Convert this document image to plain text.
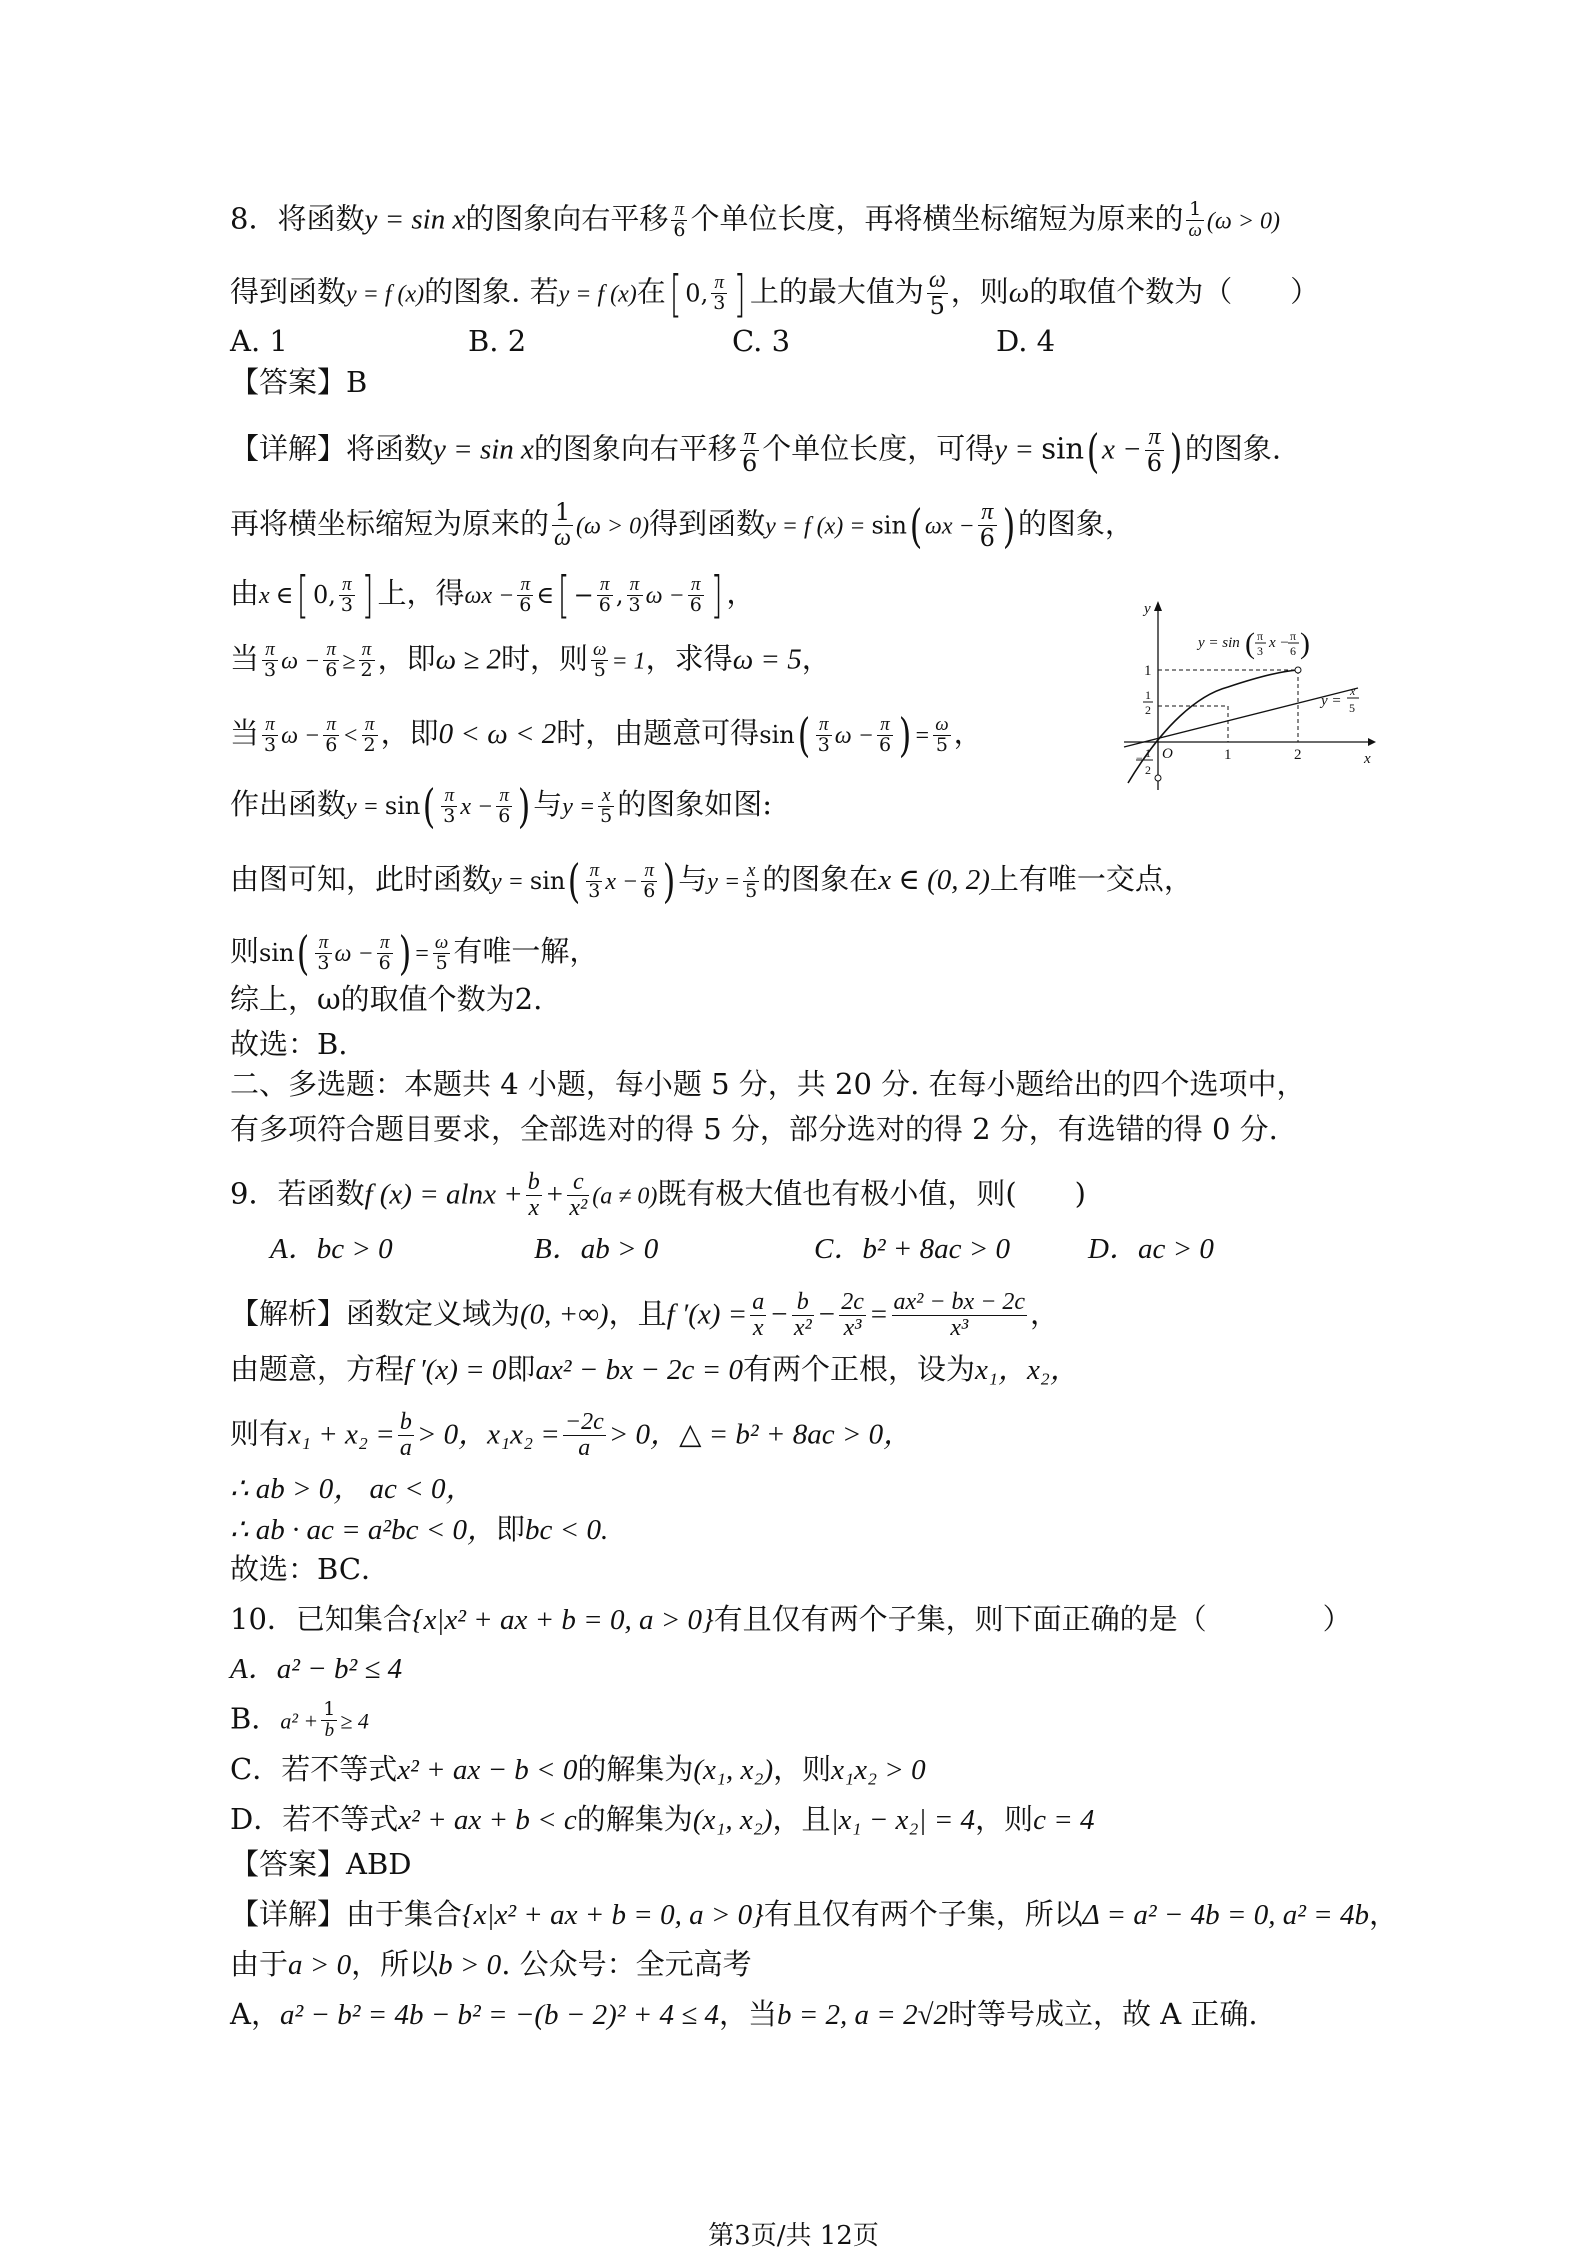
8．将函数y = sin x的图象向右平移 $\frac{\pi}{6}$ 个单位长度，再将横坐标缩短为原来的 $\frac{1}{\omega} (\omega > 0)$
得到函数y = f (x)的图象. 若y = f (x)在[ 0, $\frac{\pi}{3}$ ] 上的最大值为 $\frac{\omega}{5}$ ，则ω的取值个数为（　　）
A. 1	B. 2	C. 3	D. 4
【答案】B
【详解】将函数y = sin x的图象向右平移 $\frac{\pi}{6}$ 个单位长度，可得$y = \sin(x - \frac{\pi}{6}$ )的图象.
再将横坐标缩短为原来的 $\frac{1}{\omega} (\omega > 0)$得到函数y = f (x) = sin( $\omega x - \frac{\pi}{6}$ )的图象，
由x ∈[ 0, $\frac{\pi}{3}$ ] 上，得$\omega x - \frac{\pi}{6}$ ∈[ − $\frac{\pi}{6}$ , $\frac{\pi}{3}$ $\omega - \frac{\pi}{6}$ ] ，
当 $\frac{\pi}{3}$ $\omega - \frac{\pi}{6} \ge \frac{\pi}{2}$ ，即ω ≥ 2时，则 $\frac{\omega}{5} = 1$，求得ω = 5，
当 $\frac{\pi}{3}$ $\omega - \frac{\pi}{6} < \frac{\pi}{2}$ ，即0 < ω < 2时，由题意可得$\sin( \frac{\pi}{3}$ $\omega - \frac{\pi}{6}$ ) = $\frac{\omega}{5}$ ，
作出函数$y = \sin( \frac{\pi}{3}$ $x - \frac{\pi}{6}$ )与$y = \frac{x}{5}$ 的图象如图:
由图可知，此时函数$y = \sin( \frac{\pi}{3}$ $x - \frac{\pi}{6}$ )与$y = \frac{x}{5}$ 的图象在x ∈ (0, 2)上有唯一交点，
则$\sin( \frac{\pi}{3}$ $\omega - \frac{\pi}{6}$ ) = $\frac{\omega}{5}$ 有唯一解，
综上，ω的取值个数为2.
故选：B.
x
y
O	1	2
1
1
2
1
−
2
y = sin ( π
3 x − π
6 )
y =
x
5
二、多选题：本题共 4 小题，每小题 5 分，共 20 分. 在每小题给出的四个选项中，
有多项符合题目要求，全部选对的得 5 分，部分选对的得 2 分，有选错的得 0 分.
9．若函数f $(x) = alnx + \frac{b}{x} + \frac{c}{\text{x²}} (a \ne 0)$既有极大值也有极小值，则(　　)
A．bc > 0	B．ab > 0	C．b² + 8ac > 0	D．ac > 0
【解析】函数定义域为(0, +∞)，且f $'(x) = \frac{a}{x} - \frac{b}{\text{x²}} - \frac{2c}{\text{x³}} = \frac{\text{ax² − bx − 2c}}{\text{x³}}$ ，
由题意，方程f ′(x) = 0即ax² − bx − 2c = 0有两个正根，设为x₁，x₂，
则有$x_1 + x_2 = \frac{b}{a} > 0$，$x_1x_2 = \frac{-2c}{a} > 0$，△ = b² + 8ac > 0，
∴ ab > 0， ac < 0，
∴ ab · ac = a²bc < 0，即bc < 0.
故选：BC．
10．已知集合{x|x² + ax + b = 0, a > 0}有且仅有两个子集，则下面正确的是（　　　　）
A．a² − b² ≤ 4
B．$a^2 + \frac{1}{b} \ge 4$
C．若不等式x² + ax − b < 0的解集为(x₁, x₂)，则x₁x₂ > 0
D．若不等式x² + ax + b < c的解集为(x₁, x₂)，且|x₁ − x₂| = 4，则c = 4
【答案】ABD
【详解】由于集合{x|x² + ax + b = 0, a > 0}有且仅有两个子集，所以Δ = a² − 4b = 0, a² = 4b，
由于a > 0，所以b > 0. 公众号：全元高考
A，a² − b² = 4b − b² = −(b − 2)² + 4 ≤ 4，当b = 2, a = 2√2时等号成立，故 A 正确.
第3页/共 12页
